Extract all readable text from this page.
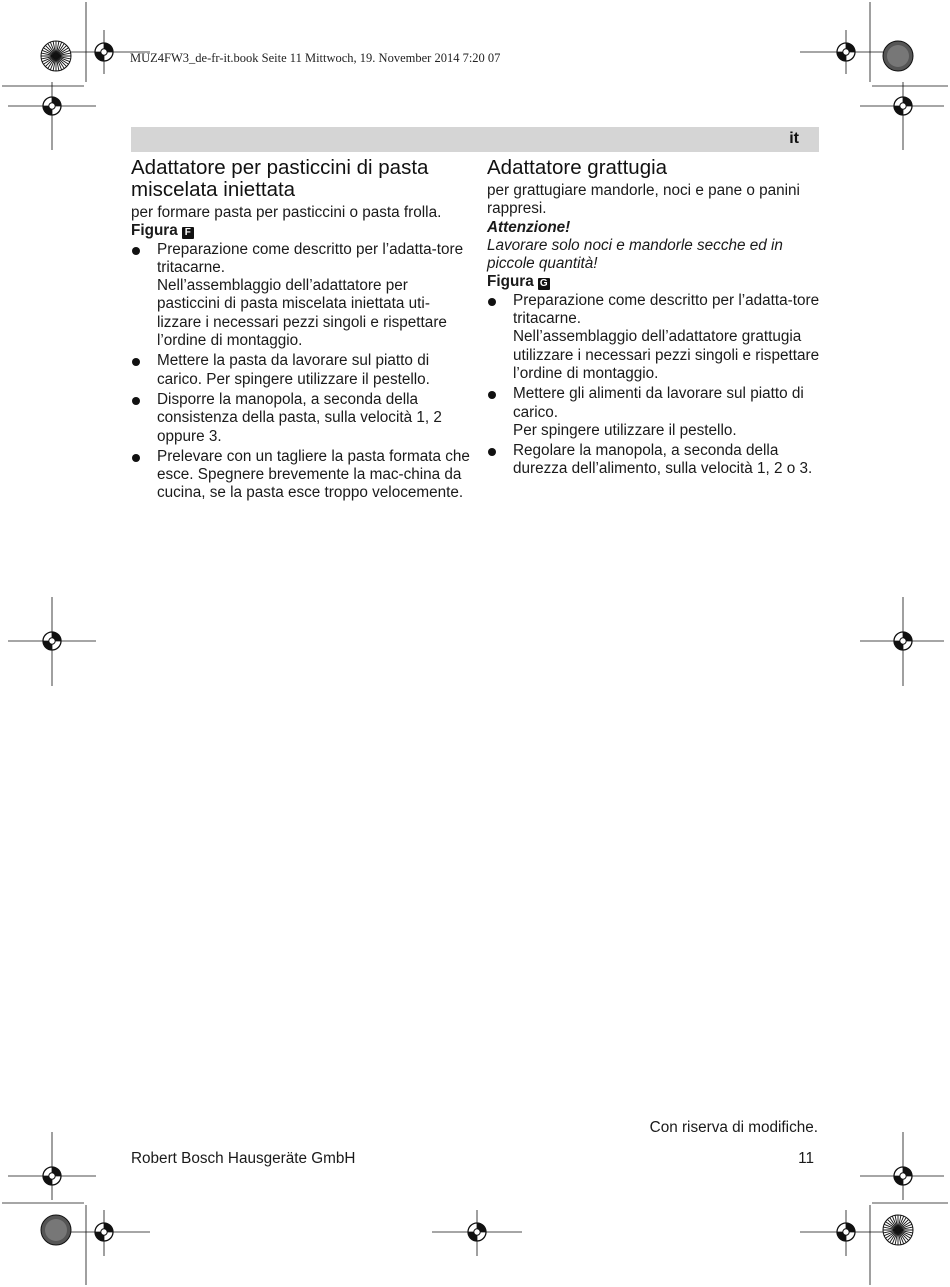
MUZ4FW3_de-fr-it.book Seite 11 Mittwoch, 19. November 2014 7:20 07
it
Adattatore per pasticcini di pasta miscelata iniettata

per formare pasta per pasticcini o pasta frolla.

Figura F

Preparazione come descritto per l’adatta-tore tritacarne.
Nell’assemblaggio dell’adattatore per pasticcini di pasta miscelata iniettata uti-lizzare i necessari pezzi singoli e rispettare l’ordine di montaggio.
Mettere la pasta da lavorare sul piatto di carico. Per spingere utilizzare il pestello.
Disporre la manopola, a seconda della consistenza della pasta, sulla velocità 1, 2 oppure 3.
Prelevare con un tagliere la pasta formata che esce. Spegnere brevemente la mac-china da cucina, se la pasta esce troppo velocemente.
Adattatore grattugia

per grattugiare mandorle, noci e pane o panini rappresi.

Attenzione!

Lavorare solo noci e mandorle secche ed in piccole quantità!

Figura G

Preparazione come descritto per l’adatta-tore tritacarne.
Nell’assemblaggio dell’adattatore grattugia utilizzare i necessari pezzi singoli e rispettare l’ordine di montaggio.
Mettere gli alimenti da lavorare sul piatto di carico.
Per spingere utilizzare il pestello.
Regolare la manopola, a seconda della durezza dell’alimento, sulla velocità 1, 2 o 3.
Con riserva di modifiche.
Robert Bosch Hausgeräte GmbH	11
